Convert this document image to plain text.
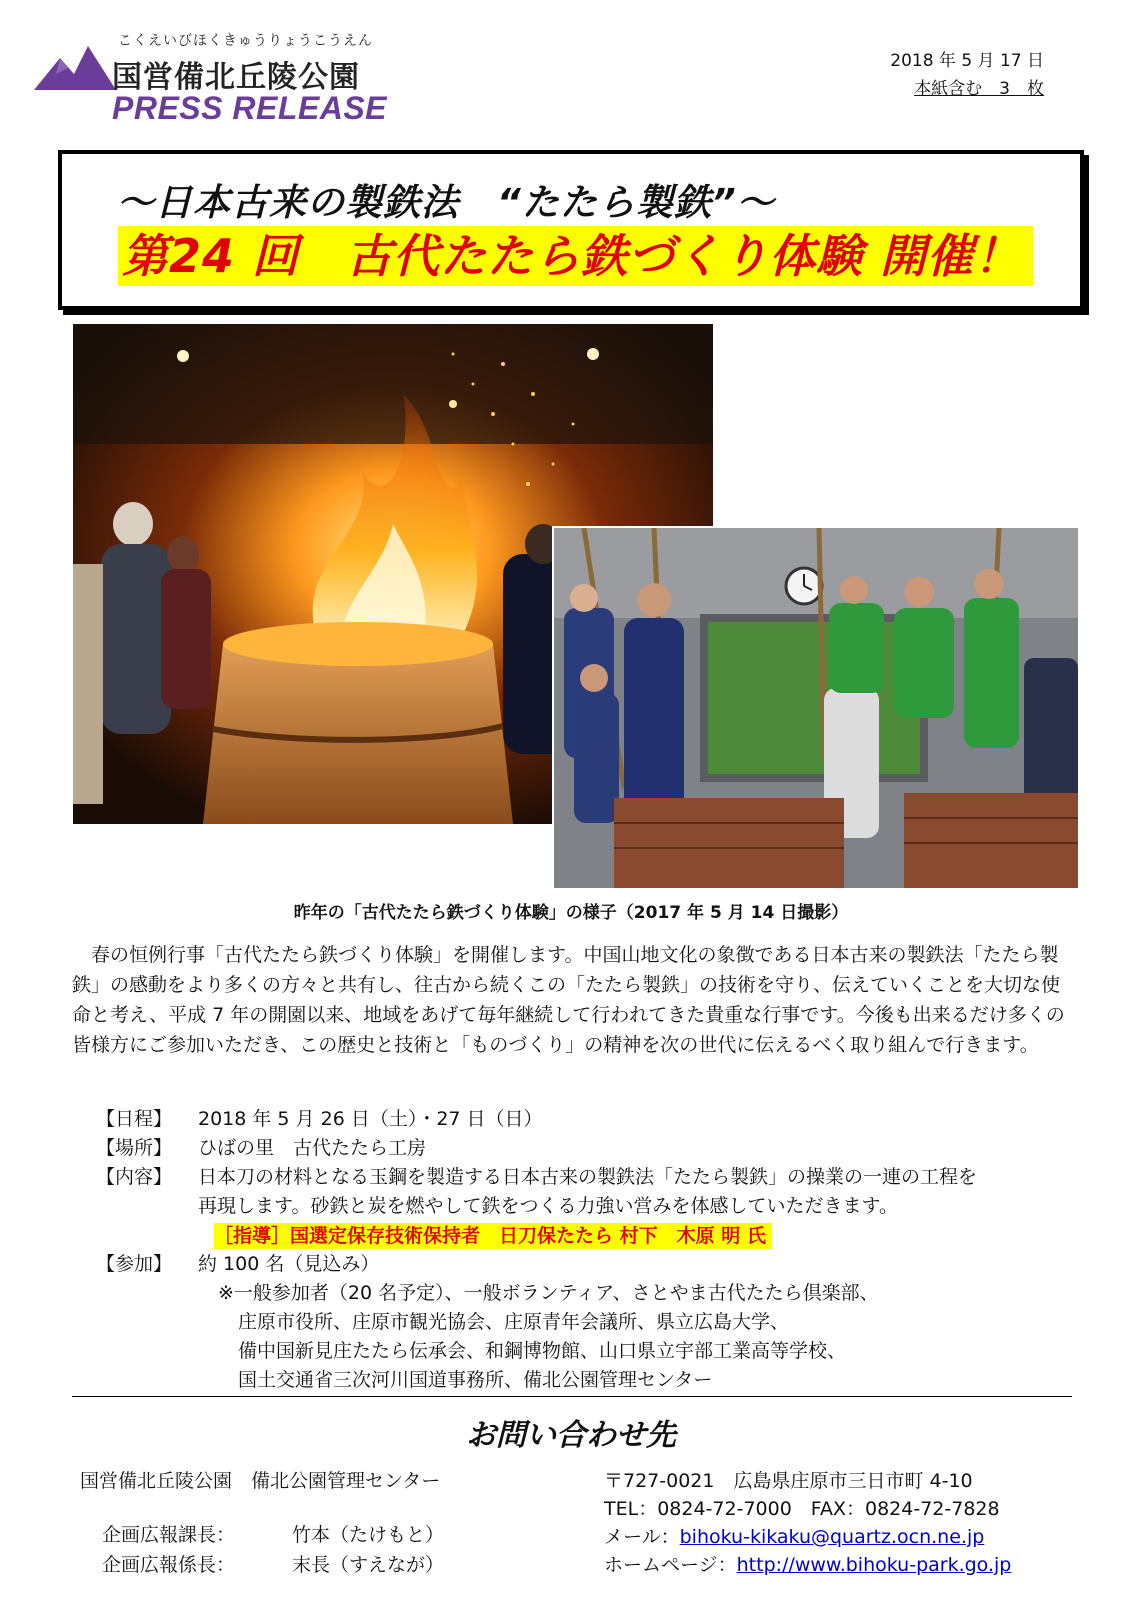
こくえいびほくきゅうりょうこうえん
国営備北丘陵公園
PRESS RELEASE
2018 年 5 月 17 日
本紙含む　3　枚
～日本古来の製鉄法　“たたら製鉄”～
第24 回　古代たたら鉄づくり体験 開催！
昨年の「古代たたら鉄づくり体験」の様子（2017 年 5 月 14 日撮影）

　春の恒例行事「古代たたら鉄づくり体験」を開催します。中国山地文化の象徴である日本古来の製鉄法「たたら製鉄」の感動をより多くの方々と共有し、往古から続くこの「たたら製鉄」の技術を守り、伝えていくことを大切な使命と考え、平成 7 年の開園以来、地域をあげて毎年継続して行われてきた貴重な行事です。今後も出来るだけ多くの皆様方にご参加いただき、この歴史と技術と「ものづくり」の精神を次の世代に伝えるべく取り組んで行きます。

【日程】 2018 年 5 月 26 日（土）・27 日（日）
【場所】 ひばの里　古代たたら工房
【内容】 日本刀の材料となる玉鋼を製造する日本古来の製鉄法「たたら製鉄」の操業の一連の工程を
再現します。砂鉄と炭を燃やして鉄をつくる力強い営みを体感していただきます。
［指導］国選定保存技術保持者　日刀保たたら 村下　木原 明 氏
【参加】 約 100 名（見込み）
※一般参加者（20 名予定）、一般ボランティア、さとやま古代たたら倶楽部、
庄原市役所、庄原市観光協会、庄原青年会議所、県立広島大学、
備中国新見庄たたら伝承会、和鋼博物館、山口県立宇部工業高等学校、
国土交通省三次河川国道事務所、備北公園管理センター
お問い合わせ先
国営備北丘陵公園　備北公園管理センター
企画広報課長：	竹本（たけもと）
企画広報係長：	末長（すえなが）
〒727-0021　広島県庄原市三日市町 4-10
TEL：0824-72-7000　FAX：0824-72-7828
メール：bihoku-kikaku@quartz.ocn.ne.jp
ホームページ：http://www.bihoku-park.go.jp
